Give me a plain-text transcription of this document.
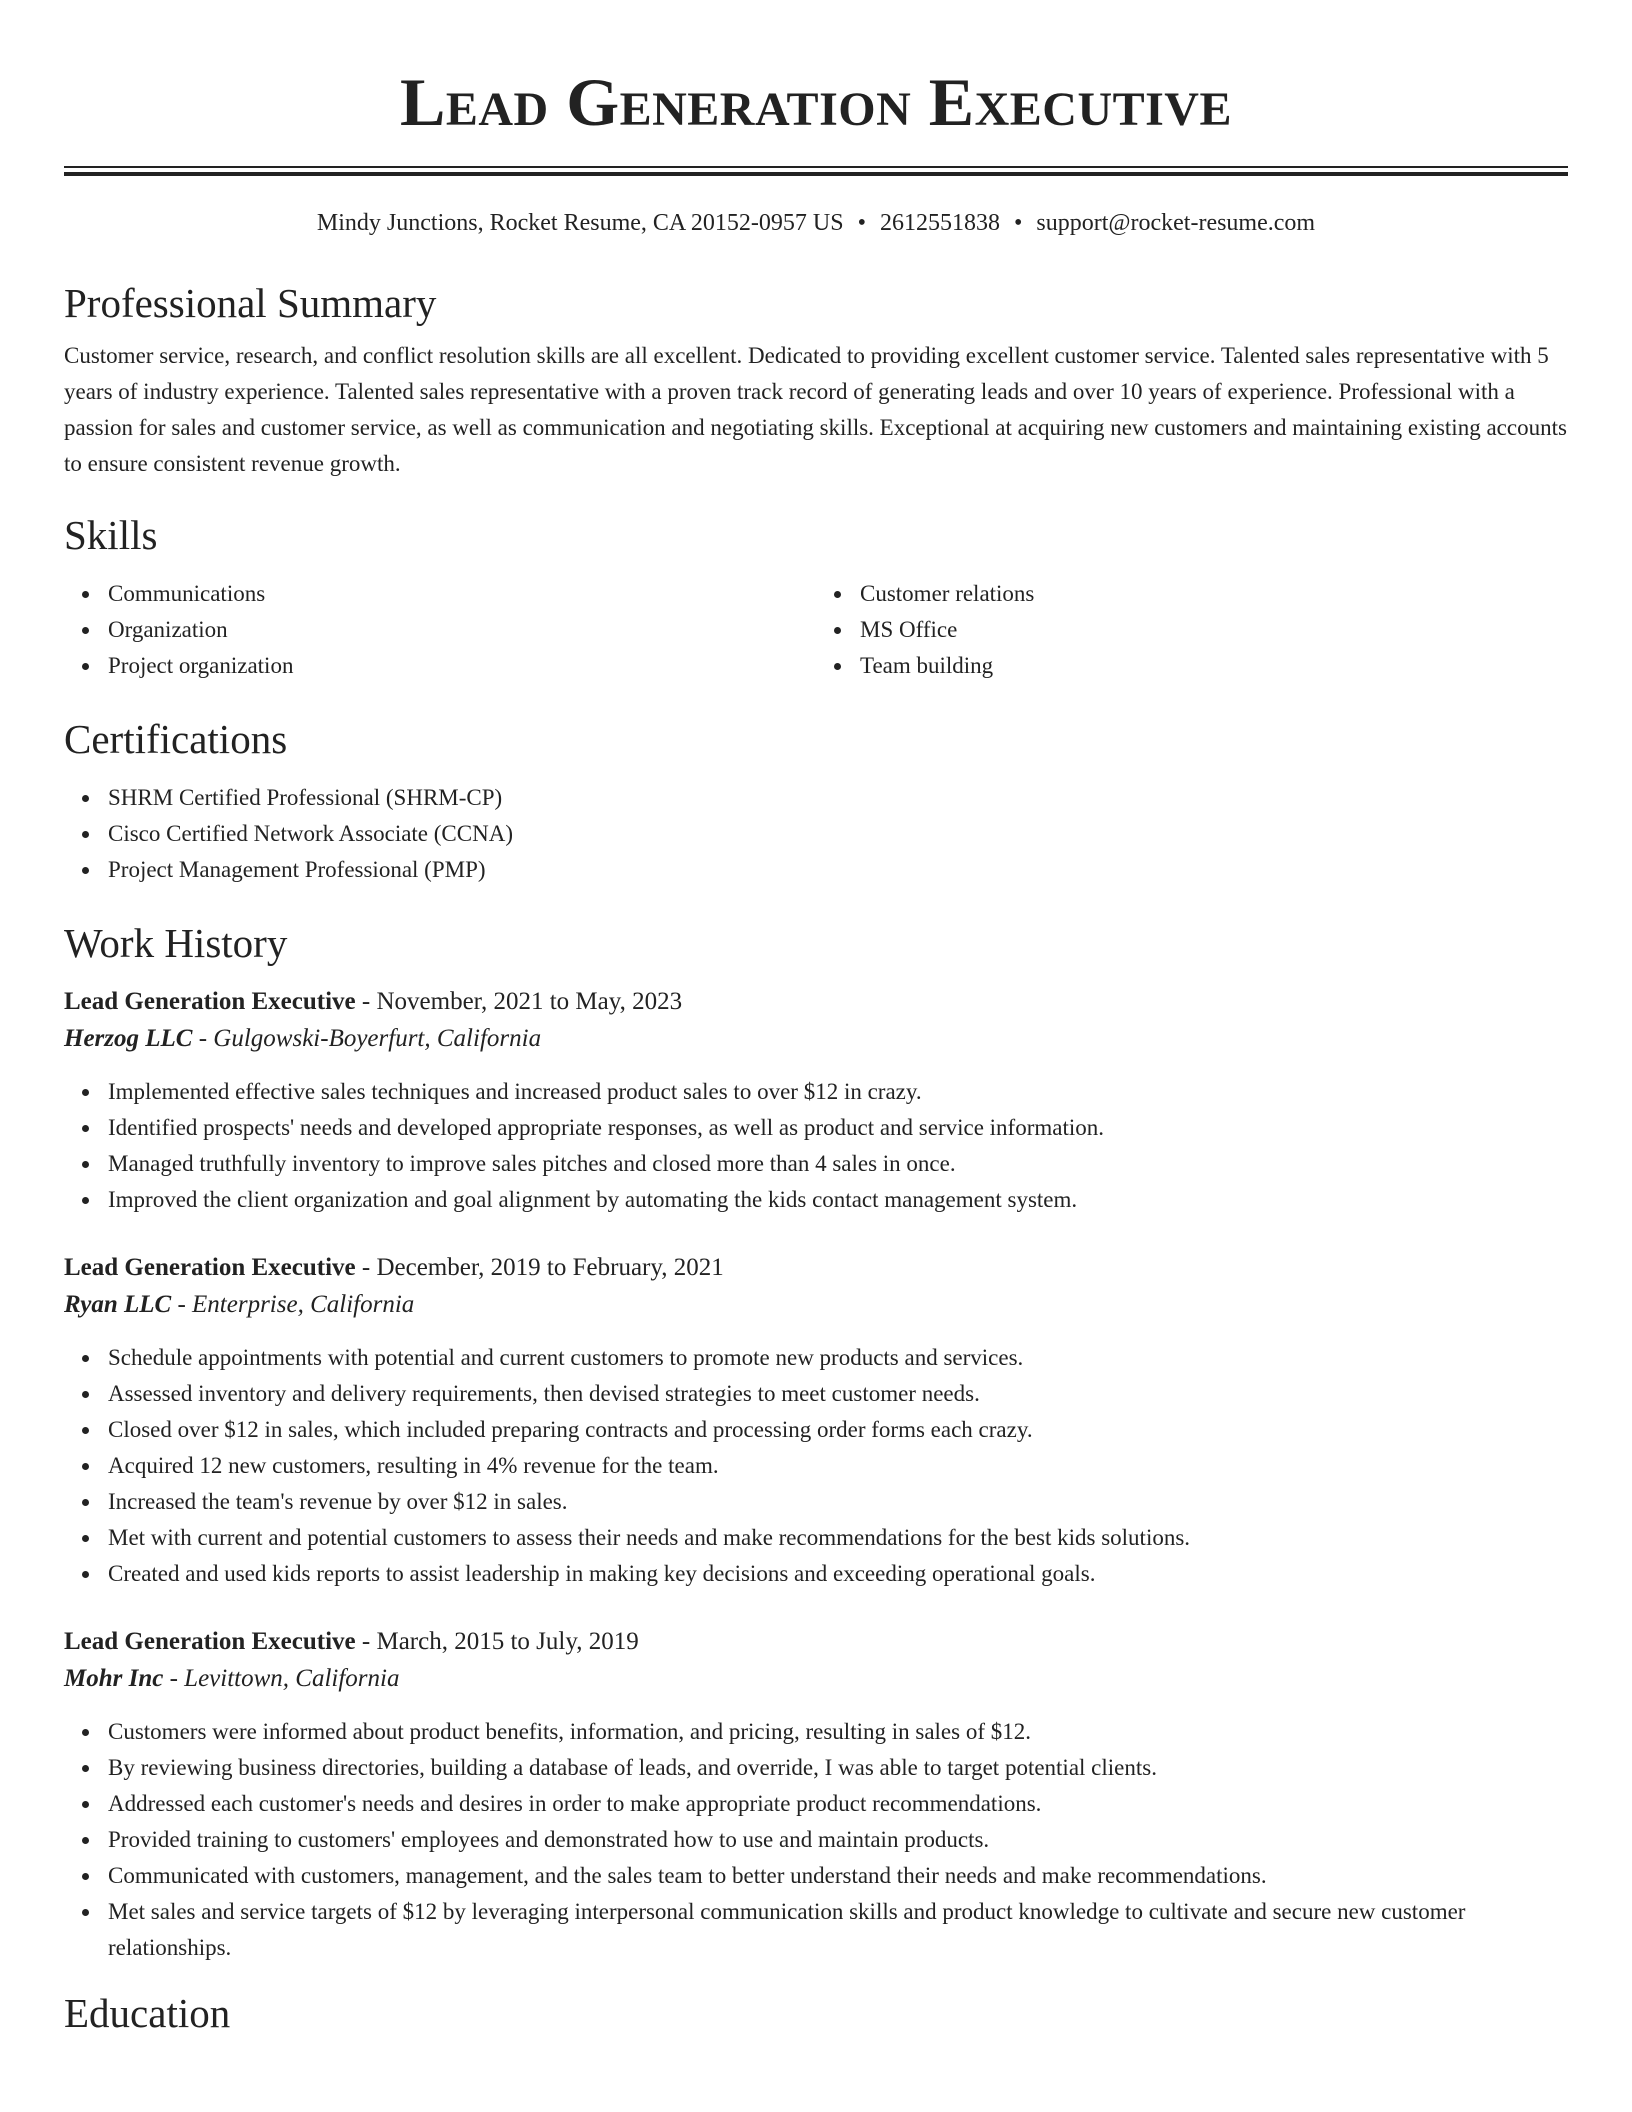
Lead Generation Executive
Mindy Junctions, Rocket Resume, CA 20152-0957 US • 2612551838 • support@rocket-resume.com
Professional Summary

Customer service, research, and conflict resolution skills are all excellent. Dedicated to providing excellent customer service. Talented sales representative with 5 years of industry experience. Talented sales representative with a proven track record of generating leads and over 10 years of experience. Professional with a passion for sales and customer service, as well as communication and negotiating skills. Exceptional at acquiring new customers and maintaining existing accounts to ensure consistent revenue growth.

Skills
Communications
Organization
Project organization
Customer relations
MS Office
Team building
Certifications
SHRM Certified Professional (SHRM-CP)
Cisco Certified Network Associate (CCNA)
Project Management Professional (PMP)
Work History
Lead Generation Executive - November, 2021 to May, 2023
Herzog LLC - Gulgowski-Boyerfurt, California
Implemented effective sales techniques and increased product sales to over $12 in crazy.
Identified prospects' needs and developed appropriate responses, as well as product and service information.
Managed truthfully inventory to improve sales pitches and closed more than 4 sales in once.
Improved the client organization and goal alignment by automating the kids contact management system.
Lead Generation Executive - December, 2019 to February, 2021
Ryan LLC - Enterprise, California
Schedule appointments with potential and current customers to promote new products and services.
Assessed inventory and delivery requirements, then devised strategies to meet customer needs.
Closed over $12 in sales, which included preparing contracts and processing order forms each crazy.
Acquired 12 new customers, resulting in 4% revenue for the team.
Increased the team's revenue by over $12 in sales.
Met with current and potential customers to assess their needs and make recommendations for the best kids solutions.
Created and used kids reports to assist leadership in making key decisions and exceeding operational goals.
Lead Generation Executive - March, 2015 to July, 2019
Mohr Inc - Levittown, California
Customers were informed about product benefits, information, and pricing, resulting in sales of $12.
By reviewing business directories, building a database of leads, and override, I was able to target potential clients.
Addressed each customer's needs and desires in order to make appropriate product recommendations.
Provided training to customers' employees and demonstrated how to use and maintain products.
Communicated with customers, management, and the sales team to better understand their needs and make recommendations.
Met sales and service targets of $12 by leveraging interpersonal communication skills and product knowledge to cultivate and secure new customer relationships.
Education
